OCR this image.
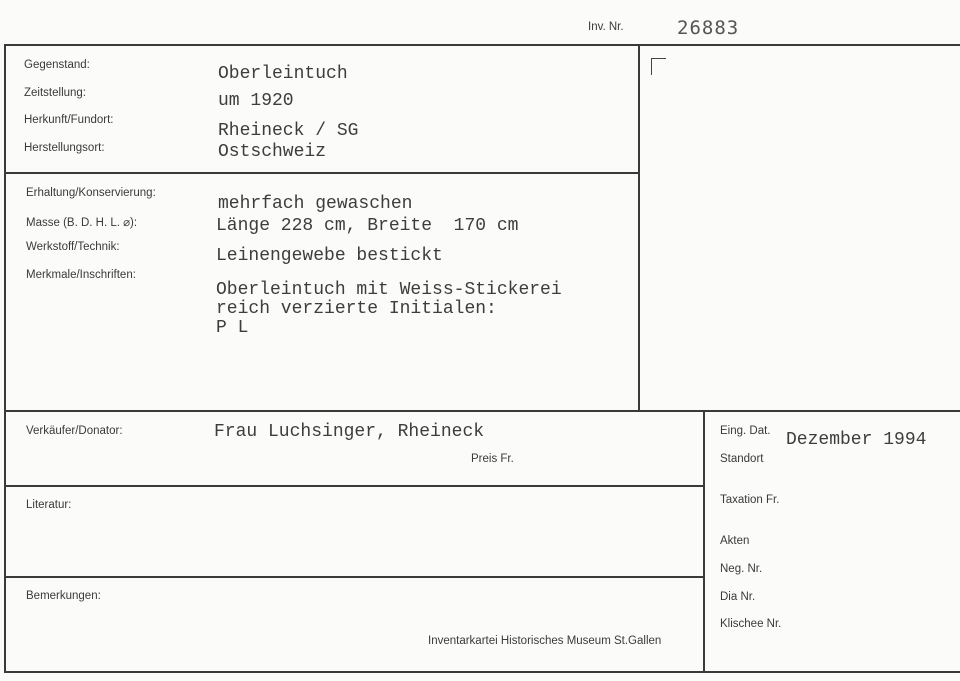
Inv. Nr.	26883
Gegenstand:
Zeitstellung:
Herkunft/Fundort:
Herstellungsort:
Oberleintuch
um 1920
Rheineck / SG
Ostschweiz
Erhaltung/Konservierung:
Masse (B. D. H. L. ⌀):
Werkstoff/Technik:
Merkmale/Inschriften:
mehrfach gewaschen
Länge 228 cm, Breite  170 cm
Leinengewebe bestickt
Oberleintuch mit Weiss-Stickerei
reich verzierte Initialen:
P L
Verkäufer/Donator:	Frau Luchsinger, Rheineck
Preis Fr.
Literatur:
Bemerkungen:
Inventarkartei Historisches Museum St.Gallen
Eing. Dat. Dezember 1994
Standort
Taxation Fr.
Akten
Neg. Nr.
Dia Nr.
Klischee Nr.
